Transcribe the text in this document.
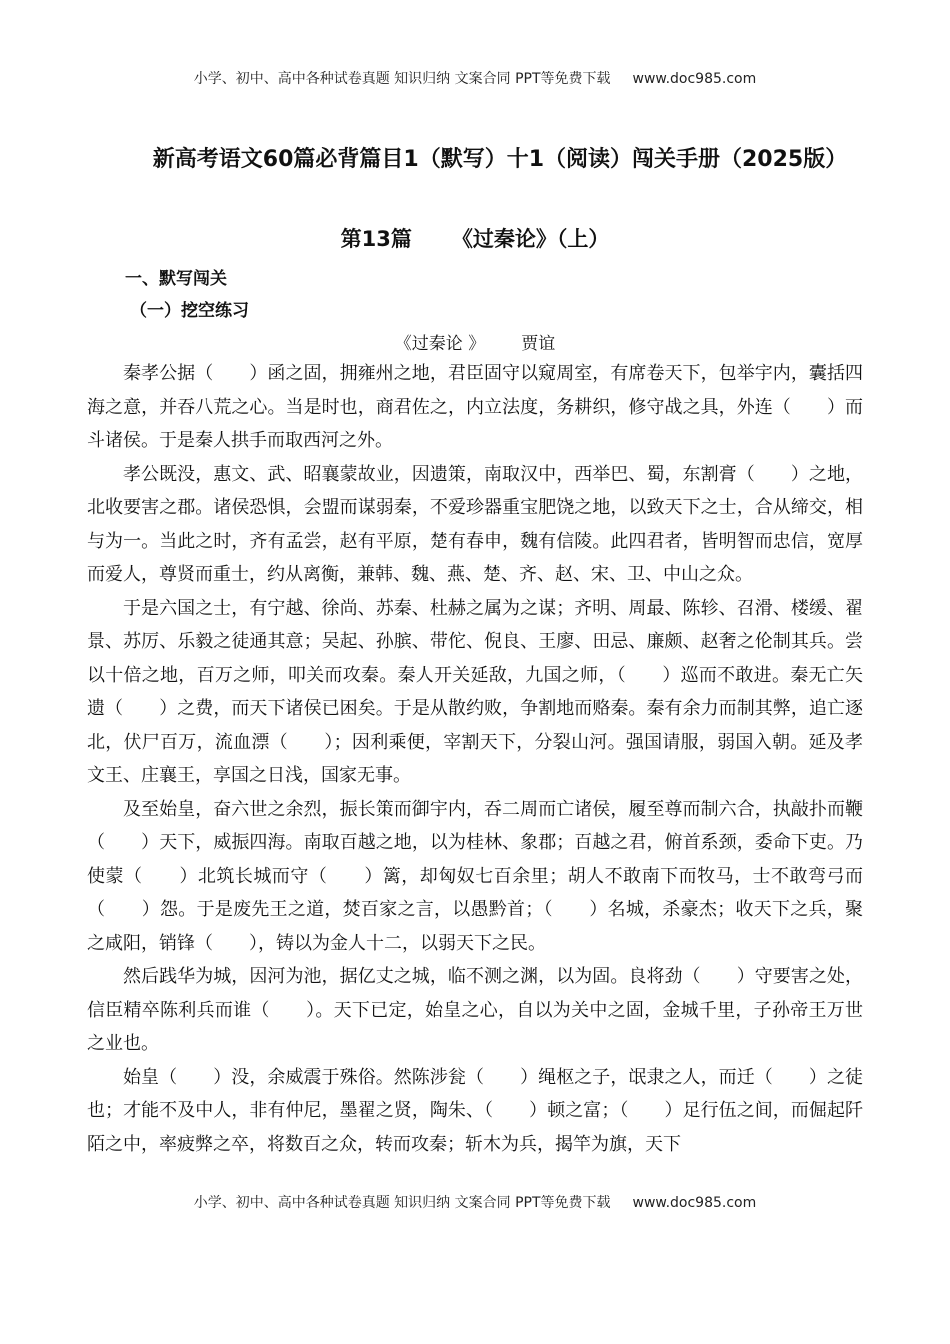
小学、初中、高中各种试卷真题 知识归纳 文案合同 PPT等免费下载 www.doc985.com
新高考语文60篇必背篇目1（默写）十1（阅读）闯关手册（2025版）
第13篇 《过秦论》（上）
一、默写闯关
（一）挖空练习
《过秦论 》 贾谊

秦孝公据（　　）函之固，拥雍州之地，君臣固守以窥周室，有席卷天下，包举宇内，囊括四海之意，并吞八荒之心。当是时也，商君佐之，内立法度，务耕织，修守战之具，外连（　　）而斗诸侯。于是秦人拱手而取西河之外。

孝公既没，惠文、武、昭襄蒙故业，因遗策，南取汉中，西举巴、蜀，东割膏（　　）之地，北收要害之郡。诸侯恐惧，会盟而谋弱秦，不爱珍器重宝肥饶之地，以致天下之士，合从缔交，相与为一。当此之时，齐有孟尝，赵有平原，楚有春申，魏有信陵。此四君者，皆明智而忠信，宽厚而爱人，尊贤而重士，约从离衡，兼韩、魏、燕、楚、齐、赵、宋、卫、中山之众。

于是六国之士，有宁越、徐尚、苏秦、杜赫之属为之谋；齐明、周最、陈轸、召滑、楼缓、翟景、苏厉、乐毅之徒通其意；吴起、孙膑、带佗、倪良、王廖、田忌、廉颇、赵奢之伦制其兵。尝以十倍之地，百万之师，叩关而攻秦。秦人开关延敌，九国之师，（　　）巡而不敢进。秦无亡矢遗（　　）之费，而天下诸侯已困矣。于是从散约败，争割地而赂秦。秦有余力而制其弊，追亡逐北，伏尸百万，流血漂（　　）；因利乘便，宰割天下，分裂山河。强国请服，弱国入朝。延及孝文王、庄襄王，享国之日浅，国家无事。

及至始皇，奋六世之余烈，振长策而御宇内，吞二周而亡诸侯，履至尊而制六合，执敲扑而鞭（　　）天下，威振四海。南取百越之地，以为桂林、象郡；百越之君，俯首系颈，委命下吏。乃使蒙（　　）北筑长城而守（　　）篱，却匈奴七百余里；胡人不敢南下而牧马，士不敢弯弓而（　　）怨。于是废先王之道，焚百家之言，以愚黔首；（　　）名城，杀豪杰；收天下之兵，聚之咸阳，销锋（　　），铸以为金人十二，以弱天下之民。

然后践华为城，因河为池，据亿丈之城，临不测之渊，以为固。良将劲（　　）守要害之处，信臣精卒陈利兵而谁（　　）。天下已定，始皇之心，自以为关中之固，金城千里，子孙帝王万世之业也。

始皇（　　）没，余威震于殊俗。然陈涉瓮（　　）绳枢之子，氓隶之人，而迁（　　）之徒也；才能不及中人，非有仲尼，墨翟之贤，陶朱、（　　）顿之富；（　　）足行伍之间，而倔起阡陌之中，率疲弊之卒，将数百之众，转而攻秦；斩木为兵，揭竿为旗，天下

小学、初中、高中各种试卷真题 知识归纳 文案合同 PPT等免费下载 www.doc985.com
